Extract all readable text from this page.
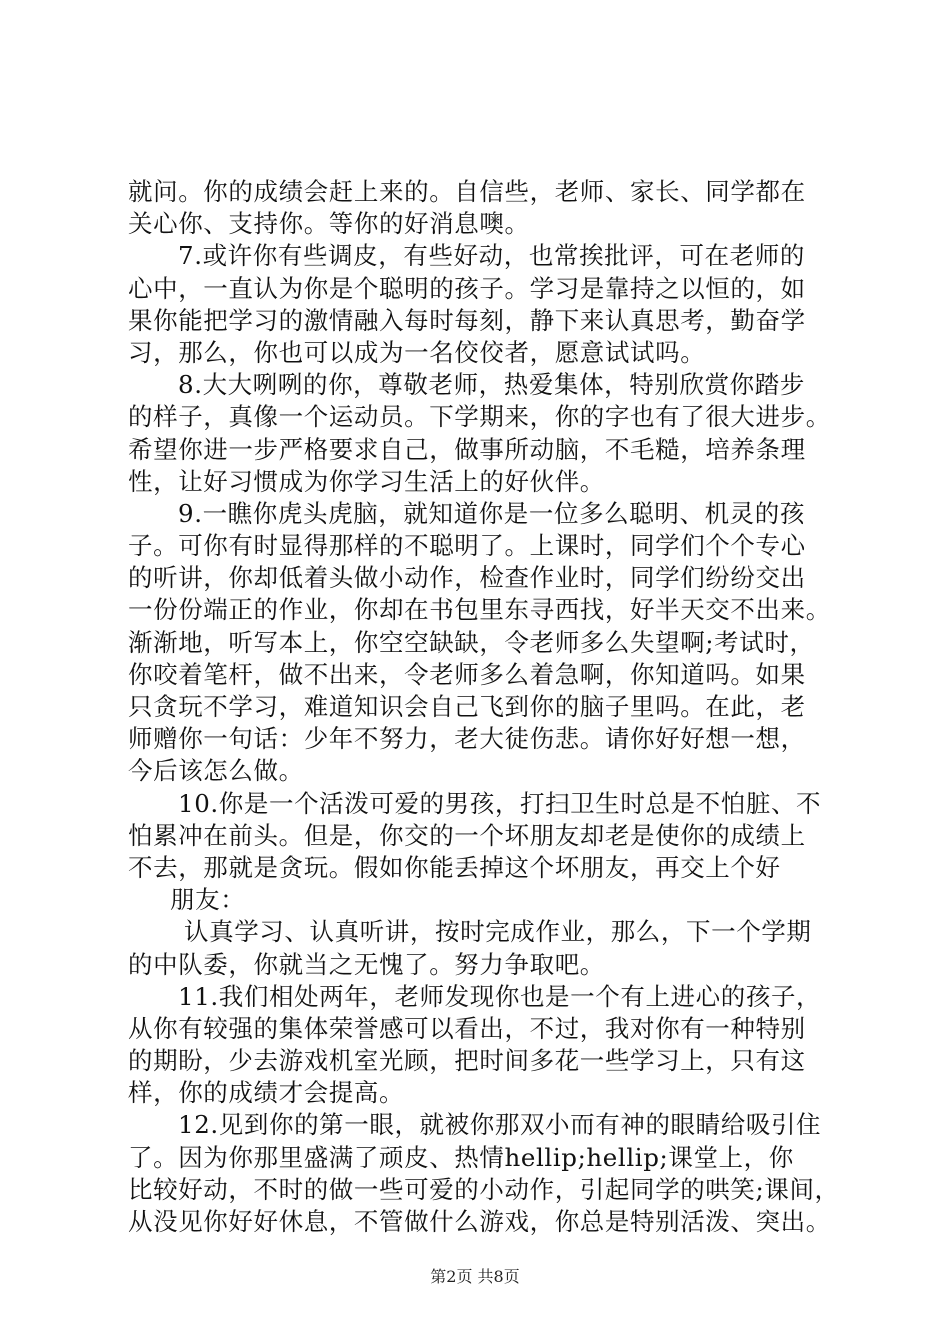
就问。你的成绩会赶上来的。自信些，老师、家长、同学都在
关心你、支持你。等你的好消息噢。
7.或许你有些调皮，有些好动，也常挨批评，可在老师的
心中，一直认为你是个聪明的孩子。学习是靠持之以恒的，如
果你能把学习的激情融入每时每刻，静下来认真思考，勤奋学
习，那么，你也可以成为一名佼佼者，愿意试试吗。
8.大大咧咧的你，尊敬老师，热爱集体，特别欣赏你踏步
的样子，真像一个运动员。下学期来，你的字也有了很大进步。
希望你进一步严格要求自己，做事所动脑，不毛糙，培养条理
性，让好习惯成为你学习生活上的好伙伴。
9.一瞧你虎头虎脑，就知道你是一位多么聪明、机灵的孩
子。可你有时显得那样的不聪明了。上课时，同学们个个专心
的听讲，你却低着头做小动作，检查作业时，同学们纷纷交出
一份份端正的作业，你却在书包里东寻西找，好半天交不出来。
渐渐地，听写本上，你空空缺缺，令老师多么失望啊;考试时，
你咬着笔杆，做不出来，令老师多么着急啊，你知道吗。如果
只贪玩不学习，难道知识会自己飞到你的脑子里吗。在此，老
师赠你一句话：少年不努力，老大徒伤悲。请你好好想一想，
今后该怎么做。
10.你是一个活泼可爱的男孩，打扫卫生时总是不怕脏、不
怕累冲在前头。但是，你交的一个坏朋友却老是使你的成绩上
不去，那就是贪玩。假如你能丢掉这个坏朋友，再交上个好
朋友：
认真学习、认真听讲，按时完成作业，那么，下一个学期
的中队委，你就当之无愧了。努力争取吧。
11.我们相处两年，老师发现你也是一个有上进心的孩子，
从你有较强的集体荣誉感可以看出，不过，我对你有一种特别
的期盼，少去游戏机室光顾，把时间多花一些学习上，只有这
样，你的成绩才会提高。
12.见到你的第一眼，就被你那双小而有神的眼睛给吸引住
了。因为你那里盛满了顽皮、热情hellip;hellip;课堂上，你
比较好动，不时的做一些可爱的小动作，引起同学的哄笑;课间，
从没见你好好休息，不管做什么游戏，你总是特别活泼、突出。
第2页 共8页
